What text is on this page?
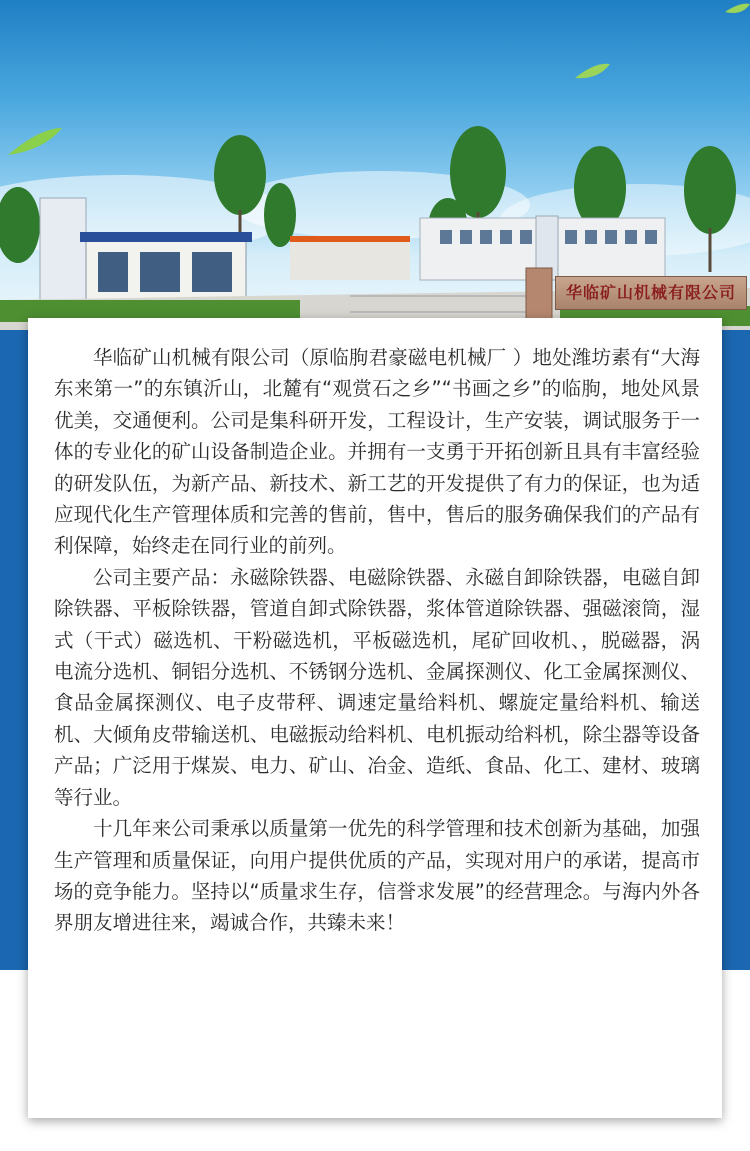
华临矿山机械有限公司

华临矿山机械有限公司（原临朐君豪磁电机械厂 ）地处潍坊素有“大海东来第一”的东镇沂山，北麓有“观赏石之乡”“书画之乡”的临朐，地处风景优美，交通便利。公司是集科研开发，工程设计，生产安装，调试服务于一体的专业化的矿山设备制造企业。并拥有一支勇于开拓创新且具有丰富经验的研发队伍，为新产品、新技术、新工艺的开发提供了有力的保证，也为适应现代化生产管理体质和完善的售前，售中，售后的服务确保我们的产品有利保障，始终走在同行业的前列。

公司主要产品：永磁除铁器、电磁除铁器、永磁自卸除铁器，电磁自卸除铁器、平板除铁器，管道自卸式除铁器，浆体管道除铁器、强磁滚筒，湿式（干式）磁选机、干粉磁选机，平板磁选机，尾矿回收机、，脱磁器，涡电流分选机、铜铝分选机、不锈钢分选机、金属探测仪、化工金属探测仪、食品金属探测仪、电子皮带秤、调速定量给料机、螺旋定量给料机、输送机、大倾角皮带输送机、电磁振动给料机、电机振动给料机，除尘器等设备产品；广泛用于煤炭、电力、矿山、冶金、造纸、食品、化工、建材、玻璃等行业。

十几年来公司秉承以质量第一优先的科学管理和技术创新为基础，加强生产管理和质量保证，向用户提供优质的产品，实现对用户的承诺，提高市场的竞争能力。坚持以“质量求生存，信誉求发展”的经营理念。与海内外各界朋友增进往来，竭诚合作，共臻未来！
